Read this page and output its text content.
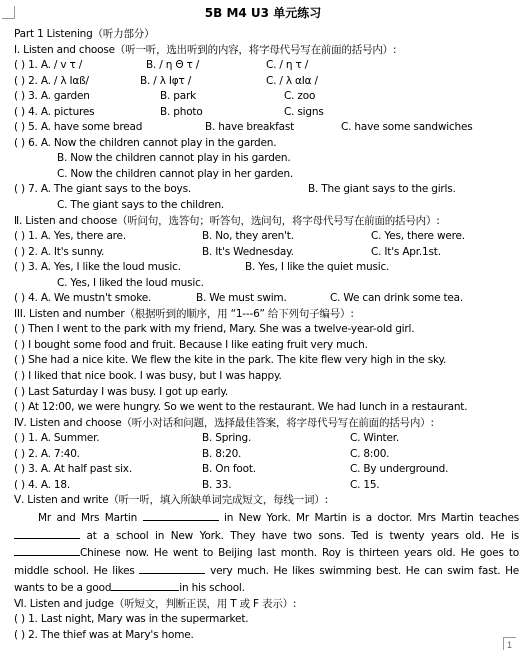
1
5B M4 U3 单元练习
Part 1 Listening（听力部分）
Ⅰ. Listen and choose（听一听，选出听到的内容，将字母代号写在前面的括号内）:
( ) 1. A. / v τ /	B. / η Θ τ /	C. / η τ /
( ) 2. A. / λ Iαß/	B. / λ Iφτ /	C. / λ αIα /
( ) 3. A. garden	B. park	C. zoo
( ) 4. A. pictures	B. photo	C. signs
( ) 5. A. have some bread	B. have breakfast	C. have some sandwiches
( ) 6. A. Now the children cannot play in the garden.
B. Now the children cannot play in his garden.
C. Now the children cannot play in her garden.
( ) 7. A. The giant says to the boys.	B. The giant says to the girls.
C. The giant says to the children.
Ⅱ. Listen and choose（听问句，选答句；听答句，选问句，将字母代号写在前面的括号内）:
( ) 1. A. Yes, there are.	B. No, they aren't.	C. Yes, there were.
( ) 2. A. It's sunny.	B. It's Wednesday.	C. It's Apr.1st.
( ) 3. A. Yes, I like the loud music.	B. Yes, I like the quiet music.
C. Yes, I liked the loud music.
( ) 4. A. We mustn't smoke.	B. We must swim.	C. We can drink some tea.
III. Listen and number（根据听到的顺序，用 “1---6” 给下列句子编号）:
( ) Then I went to the park with my friend, Mary. She was a twelve-year-old girl.
( ) I bought some food and fruit. Because I like eating fruit very much.
( ) She had a nice kite. We flew the kite in the park. The kite flew very high in the sky.
( ) I liked that nice book. I was busy, but I was happy.
( ) Last Saturday I was busy. I got up early.
( ) At 12:00, we were hungry. So we went to the restaurant. We had lunch in a restaurant.
Ⅳ. Listen and choose（听小对话和问题，选择最佳答案，将字母代号写在前面的括号内）:
( ) 1. A. Summer.	B. Spring.	C. Winter.
( ) 2. A. 7:40.	B. 8:20.	C. 8:00.
( ) 3. A. At half past six.	B. On foot.	C. By underground.
( ) 4. A. 18.	B. 33.	C. 15.
Ⅴ. Listen and write（听一听，填入所缺单词完成短文，每线一词）:
Mr and Mrs Martin	in New York. Mr Martin is a doctor. Mrs Martin teaches  at a school in New York. They have two sons. Ted is twenty years old. He is Chinese now. He went to Beijing last month. Roy is thirteen years old. He goes to middle school. He likes	very much. He likes swimming best. He can swim fast. He wants to be a good	in his school.
Ⅵ. Listen and judge（听短文，判断正误，用 T 或 F 表示）:
( ) 1. Last night, Mary was in the supermarket.
( ) 2. The thief was at Mary's home.
